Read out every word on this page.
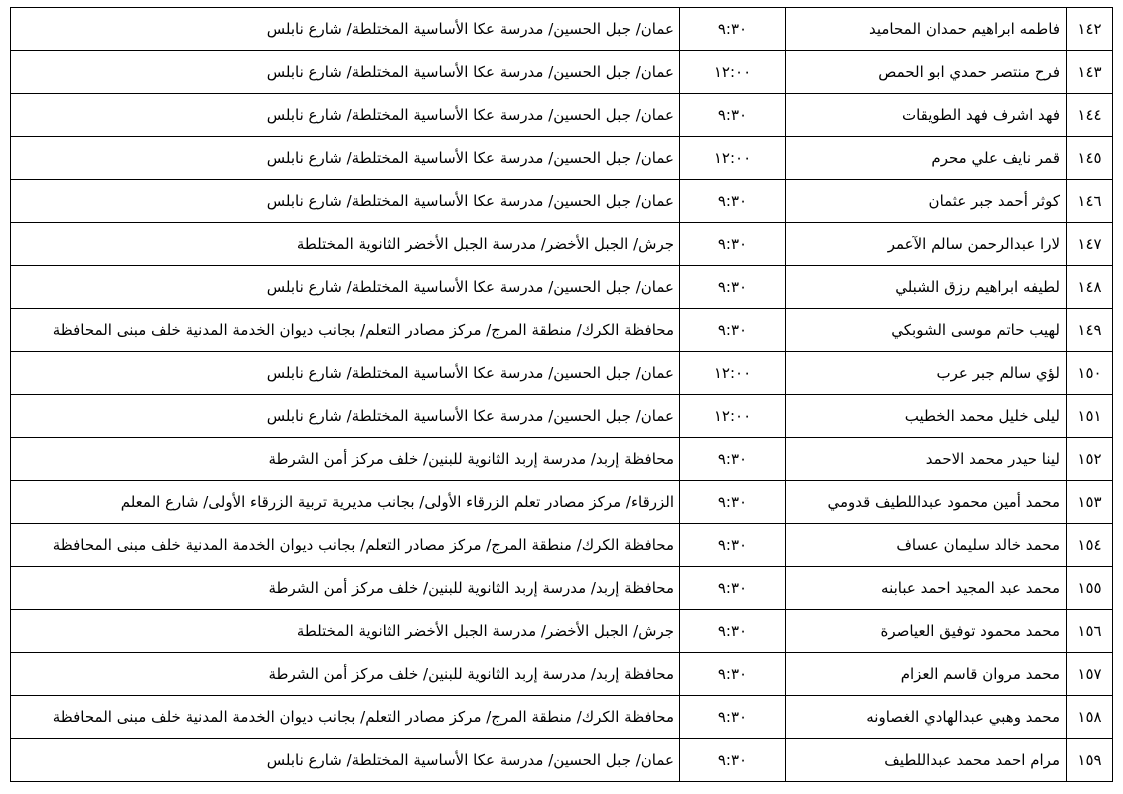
١٤٢	فاطمه ابراهيم حمدان المحاميد	٩:٣٠	عمان/ جبل الحسين/ مدرسة عكا الأساسية المختلطة/ شارع نابلس
١٤٣	فرح منتصر حمدي ابو الحمص	١٢:٠٠	عمان/ جبل الحسين/ مدرسة عكا الأساسية المختلطة/ شارع نابلس
١٤٤	فهد اشرف فهد الطويقات	٩:٣٠	عمان/ جبل الحسين/ مدرسة عكا الأساسية المختلطة/ شارع نابلس
١٤٥	قمر نايف علي محرم	١٢:٠٠	عمان/ جبل الحسين/ مدرسة عكا الأساسية المختلطة/ شارع نابلس
١٤٦	كوثر أحمد جبر عثمان	٩:٣٠	عمان/ جبل الحسين/ مدرسة عكا الأساسية المختلطة/ شارع نابلس
١٤٧	لارا عبدالرحمن سالم الآعمر	٩:٣٠	جرش/ الجبل الأخضر/ مدرسة الجبل الأخضر الثانوية المختلطة
١٤٨	لطيفه ابراهيم رزق الشبلي	٩:٣٠	عمان/ جبل الحسين/ مدرسة عكا الأساسية المختلطة/ شارع نابلس
١٤٩	لهيب حاتم موسى الشوبكي	٩:٣٠	محافظة الكرك/ منطقة المرج/ مركز مصادر التعلم/ بجانب ديوان الخدمة المدنية خلف مبنى المحافظة
١٥٠	لؤي سالم جبر عرب	١٢:٠٠	عمان/ جبل الحسين/ مدرسة عكا الأساسية المختلطة/ شارع نابلس
١٥١	ليلى خليل محمد الخطيب	١٢:٠٠	عمان/ جبل الحسين/ مدرسة عكا الأساسية المختلطة/ شارع نابلس
١٥٢	لينا حيدر محمد الاحمد	٩:٣٠	محافظة إربد/ مدرسة إربد الثانوية للبنين/ خلف مركز أمن الشرطة
١٥٣	محمد أمين محمود عبداللطيف قدومي	٩:٣٠	الزرقاء/ مركز مصادر تعلم الزرقاء الأولى/ بجانب مديرية تربية الزرقاء الأولى/ شارع المعلم
١٥٤	محمد خالد سليمان عساف	٩:٣٠	محافظة الكرك/ منطقة المرج/ مركز مصادر التعلم/ بجانب ديوان الخدمة المدنية خلف مبنى المحافظة
١٥٥	محمد عبد المجيد احمد عبابنه	٩:٣٠	محافظة إربد/ مدرسة إربد الثانوية للبنين/ خلف مركز أمن الشرطة
١٥٦	محمد محمود توفيق العياصرة	٩:٣٠	جرش/ الجبل الأخضر/ مدرسة الجبل الأخضر الثانوية المختلطة
١٥٧	محمد مروان قاسم العزام	٩:٣٠	محافظة إربد/ مدرسة إربد الثانوية للبنين/ خلف مركز أمن الشرطة
١٥٨	محمد وهبي عبدالهادي الغصاونه	٩:٣٠	محافظة الكرك/ منطقة المرج/ مركز مصادر التعلم/ بجانب ديوان الخدمة المدنية خلف مبنى المحافظة
١٥٩	مرام احمد محمد عبداللطيف	٩:٣٠	عمان/ جبل الحسين/ مدرسة عكا الأساسية المختلطة/ شارع نابلس
